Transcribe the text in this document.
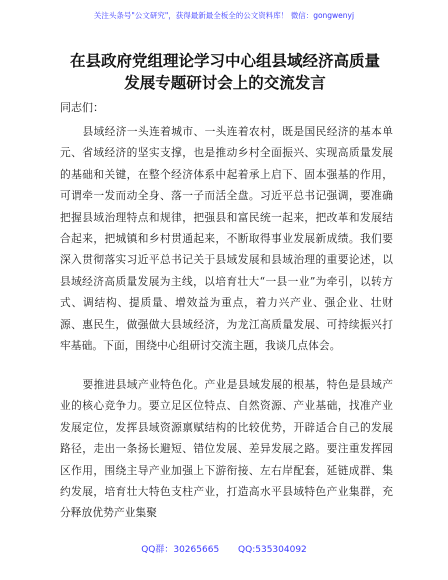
关注头条号"公文研究"，获得最新最全板全的公文资料库！ 微信：gongwenyj
在县政府党组理论学习中心组县域经济高质量
发展专题研讨会上的交流发言
同志们：

县域经济一头连着城市、一头连着农村，既是国民经济的基本单元、省域经济的坚实支撑，也是推动乡村全面振兴、实现高质量发展的基础和关键，在整个经济体系中起着承上启下、固本强基的作用，可谓牵一发而动全身、落一子而活全盘。习近平总书记强调，要准确把握县域治理特点和规律，把强县和富民统一起来，把改革和发展结合起来，把城镇和乡村贯通起来，不断取得事业发展新成绩。我们要深入贯彻落实习近平总书记关于县域发展和县域治理的重要论述，以县域经济高质量发展为主线，以培育壮大“一县一业”为牵引，以转方式、调结构、提质量、增效益为重点，着力兴产业、强企业、壮财源、惠民生，做强做大县域经济，为龙江高质量发展、可持续振兴打牢基础。下面，围绕中心组研讨交流主题，我谈几点体会。

要推进县域产业特色化。产业是县域发展的根基，特色是县域产业的核心竞争力。要立足区位特点、自然资源、产业基础，找准产业发展定位，发挥县域资源禀赋结构的比较优势，开辟适合自己的发展路径，走出一条扬长避短、错位发展、差异发展之路。要注重发挥园区作用，围绕主导产业加强上下游衔接、左右岸配套，延链成群、集约发展，培育壮大特色支柱产业，打造高水平县域特色产业集群，充分释放优势产业集聚

QQ群：30265665 QQ:535304092
